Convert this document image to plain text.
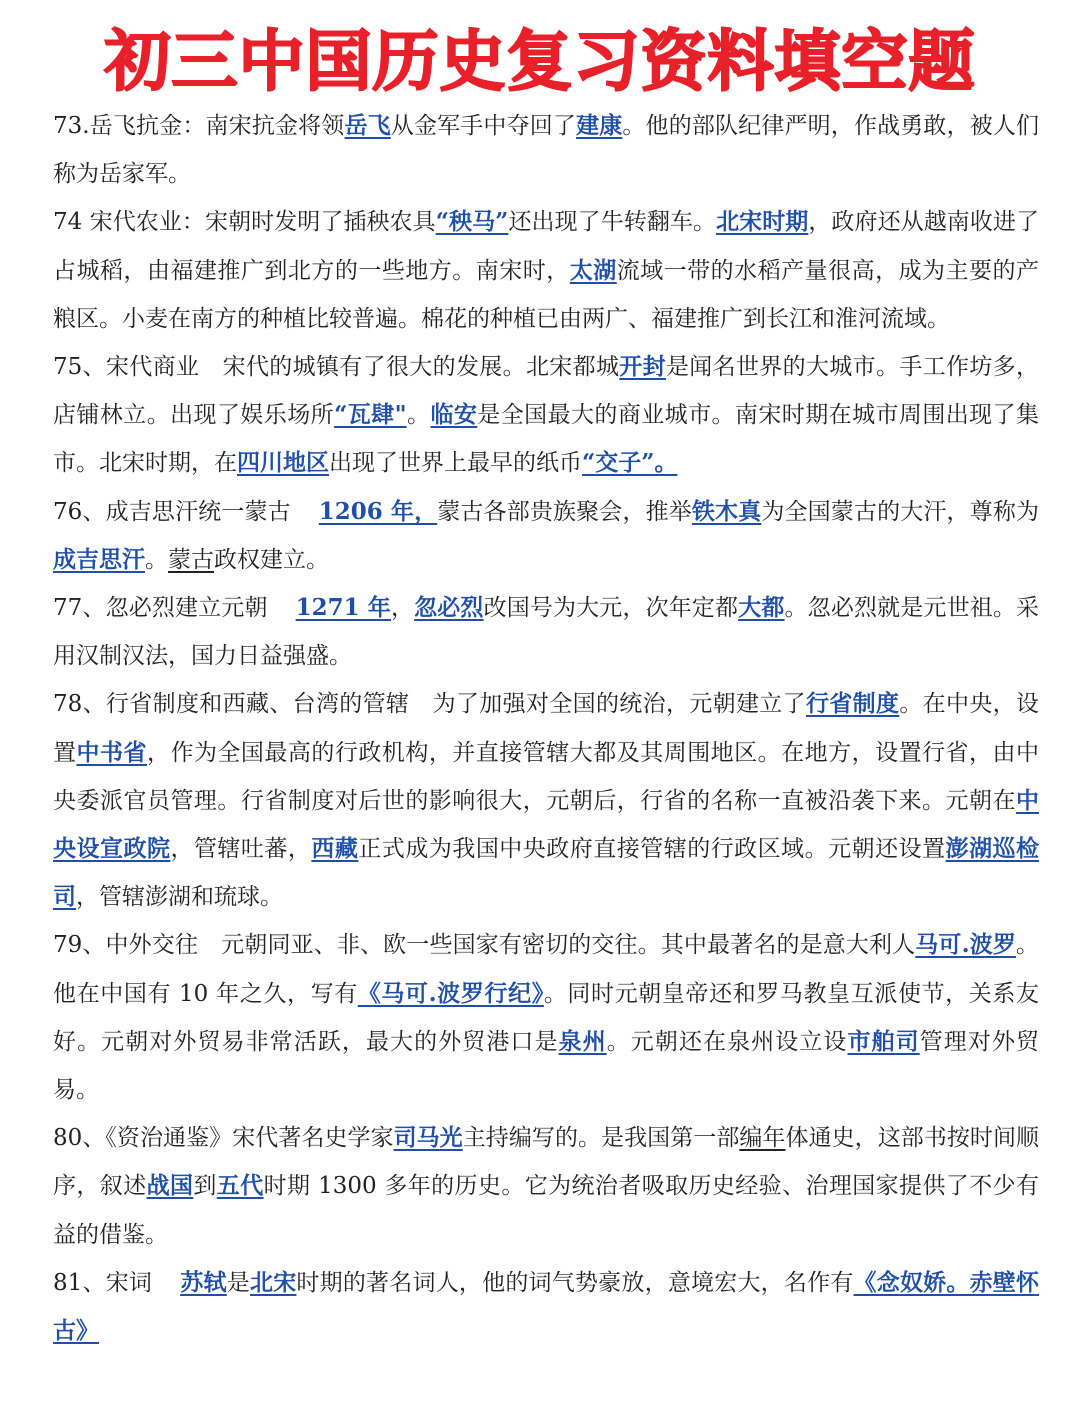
初三中国历史复习资料填空题

73.岳飞抗金：南宋抗金将领岳飞从金军手中夺回了建康。他的部队纪律严明，作战勇敢，被人们称为岳家军。

74 宋代农业：宋朝时发明了插秧农具“秧马”还出现了牛转翻车。北宋时期，政府还从越南收进了占城稻，由福建推广到北方的一些地方。南宋时，太湖流域一带的水稻产量很高，成为主要的产粮区。小麦在南方的种植比较普遍。棉花的种植已由两广、福建推广到长江和淮河流域。

75、宋代商业　宋代的城镇有了很大的发展。北宋都城开封是闻名世界的大城市。手工作坊多，店铺林立。出现了娱乐场所“瓦肆"。临安是全国最大的商业城市。南宋时期在城市周围出现了集市。北宋时期，在四川地区出现了世界上最早的纸币“交子”。

76、成吉思汗统一蒙古 1206 年，蒙古各部贵族聚会，推举铁木真为全国蒙古的大汗，尊称为成吉思汗。蒙古政权建立。

77、忽必烈建立元朝 1271 年，忽必烈改国号为大元，次年定都大都。忽必烈就是元世祖。采用汉制汉法，国力日益强盛。

78、行省制度和西藏、台湾的管辖　为了加强对全国的统治，元朝建立了行省制度。在中央，设置中书省，作为全国最高的行政机构，并直接管辖大都及其周围地区。在地方，设置行省，由中央委派官员管理。行省制度对后世的影响很大，元朝后，行省的名称一直被沿袭下来。元朝在中央设宣政院，管辖吐蕃，西藏正式成为我国中央政府直接管辖的行政区域。元朝还设置澎湖巡检司，管辖澎湖和琉球。

79、中外交往　元朝同亚、非、欧一些国家有密切的交往。其中最著名的是意大利人马可.波罗。他在中国有 10 年之久，写有《马可.波罗行纪》。同时元朝皇帝还和罗马教皇互派使节，关系友好。元朝对外贸易非常活跃，最大的外贸港口是泉州。元朝还在泉州设立设市舶司管理对外贸易。

80、《资治通鉴》宋代著名史学家司马光主持编写的。是我国第一部编年体通史，这部书按时间顺序，叙述战国到五代时期 1300 多年的历史。它为统治者吸取历史经验、治理国家提供了不少有益的借鉴。

81、宋词 苏轼是北宋时期的著名词人，他的词气势豪放，意境宏大，名作有《念奴娇。赤壁怀古》
